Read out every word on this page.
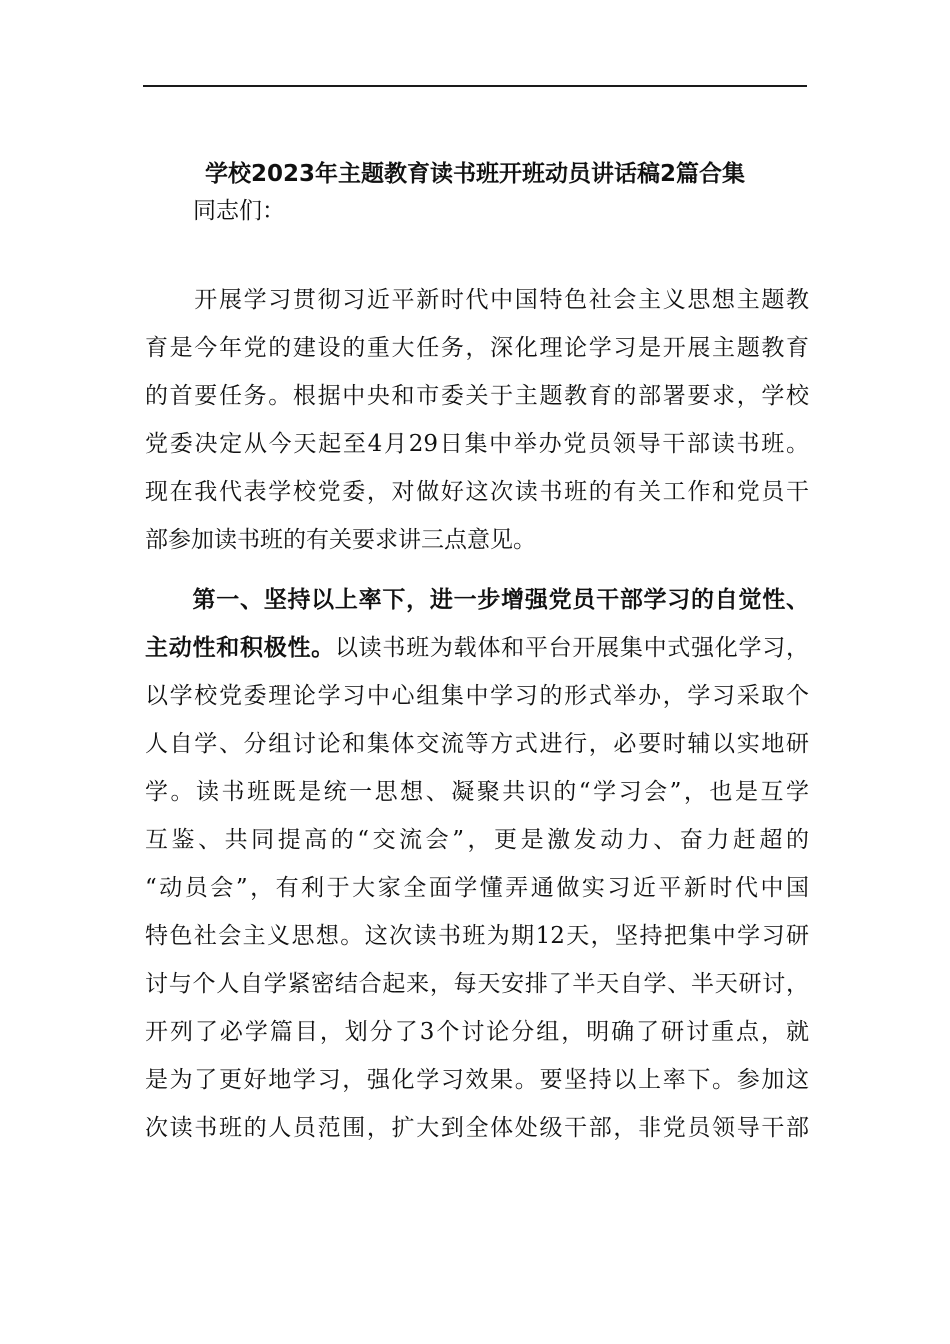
学校2023年主题教育读书班开班动员讲话稿2篇合集
同志们：
　　开展学习贯彻习近平新时代中国特色社会主义思想主题教
育是今年党的建设的重大任务，深化理论学习是开展主题教育
的首要任务。根据中央和市委关于主题教育的部署要求，学校
党委决定从今天起至4月29日集中举办党员领导干部读书班。
现在我代表学校党委，对做好这次读书班的有关工作和党员干
部参加读书班的有关要求讲三点意见。
　　第一、坚持以上率下，进一步增强党员干部学习的自觉性、
主动性和积极性。以读书班为载体和平台开展集中式强化学习，
以学校党委理论学习中心组集中学习的形式举办，学习采取个
人自学、分组讨论和集体交流等方式进行，必要时辅以实地研
学。读书班既是统一思想、凝聚共识的“学习会”，也是互学
互鉴、共同提高的“交流会”，更是激发动力、奋力赶超的
“动员会”，有利于大家全面学懂弄通做实习近平新时代中国
特色社会主义思想。这次读书班为期12天，坚持把集中学习研
讨与个人自学紧密结合起来，每天安排了半天自学、半天研讨，
开列了必学篇目，划分了3个讨论分组，明确了研讨重点，就
是为了更好地学习，强化学习效果。要坚持以上率下。参加这
次读书班的人员范围，扩大到全体处级干部，非党员领导干部
